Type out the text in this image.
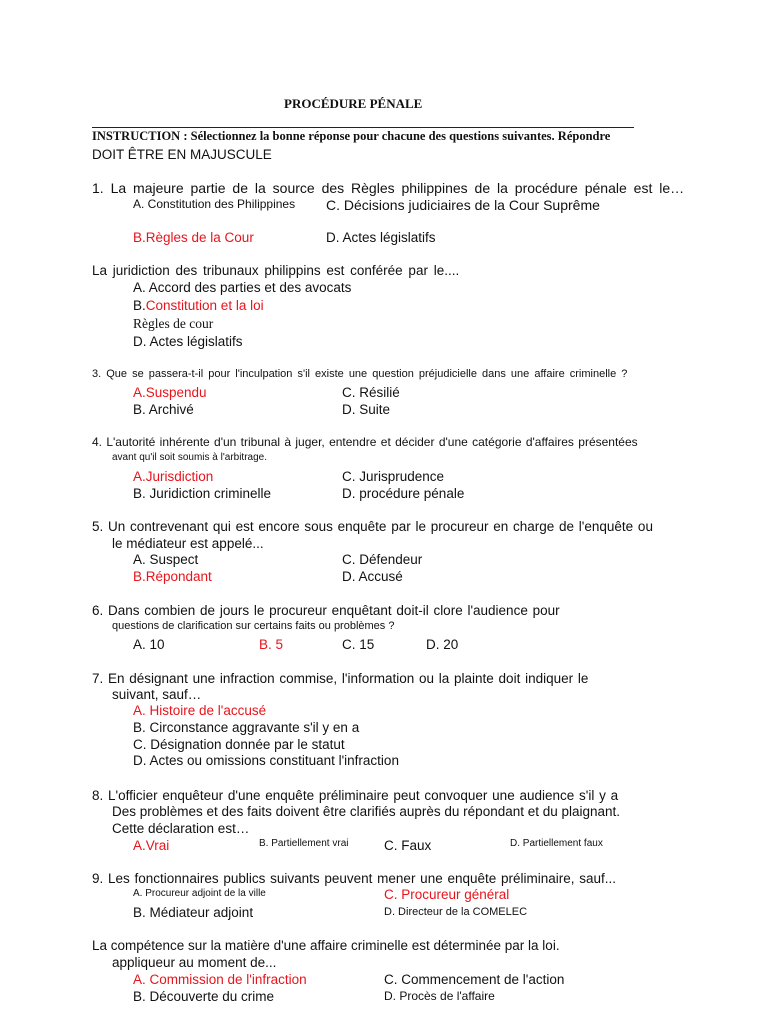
PROCÉDURE PÉNALE
INSTRUCTION : Sélectionnez la bonne réponse pour chacune des questions suivantes. Répondre
DOIT ÊTRE EN MAJUSCULE
1. La majeure partie de la source des Règles philippines de la procédure pénale est le…
A. Constitution des Philippines C. Décisions judiciaires de la Cour Suprême
B.Règles de la Cour	D. Actes législatifs
La juridiction des tribunaux philippins est conférée par le....
A. Accord des parties et des avocats
B.Constitution et la loi
Règles de cour
D. Actes législatifs
3. Que se passera-t-il pour l'inculpation s'il existe une question préjudicielle dans une affaire criminelle ?
A.Suspendu	C. Résilié
B. Archivé	D. Suite
4. L'autorité inhérente d'un tribunal à juger, entendre et décider d'une catégorie d'affaires présentées
avant qu'il soit soumis à l'arbitrage.
A.Jurisdiction	C. Jurisprudence
B. Juridiction criminelle	D. procédure pénale
5. Un contrevenant qui est encore sous enquête par le procureur en charge de l'enquête ou
le médiateur est appelé...
A. Suspect	C. Défendeur
B.Répondant	D. Accusé
6. Dans combien de jours le procureur enquêtant doit-il clore l'audience pour
questions de clarification sur certains faits ou problèmes ?
A. 10	B. 5	C. 15	D. 20
7. En désignant une infraction commise, l'information ou la plainte doit indiquer le
suivant, sauf…
A. Histoire de l'accusé
B. Circonstance aggravante s'il y en a
C. Désignation donnée par le statut
D. Actes ou omissions constituant l'infraction
8. L'officier enquêteur d'une enquête préliminaire peut convoquer une audience s'il y a
Des problèmes et des faits doivent être clarifiés auprès du répondant et du plaignant.
Cette déclaration est…
A.Vrai	B. Partiellement vrai	C. Faux	D. Partiellement faux
9. Les fonctionnaires publics suivants peuvent mener une enquête préliminaire, sauf...
A. Procureur adjoint de la ville	C. Procureur général
B. Médiateur adjoint	D. Directeur de la COMELEC
La compétence sur la matière d'une affaire criminelle est déterminée par la loi.
appliqueur au moment de...
A. Commission de l'infraction	C. Commencement de l'action
B. Découverte du crime	D. Procès de l'affaire
